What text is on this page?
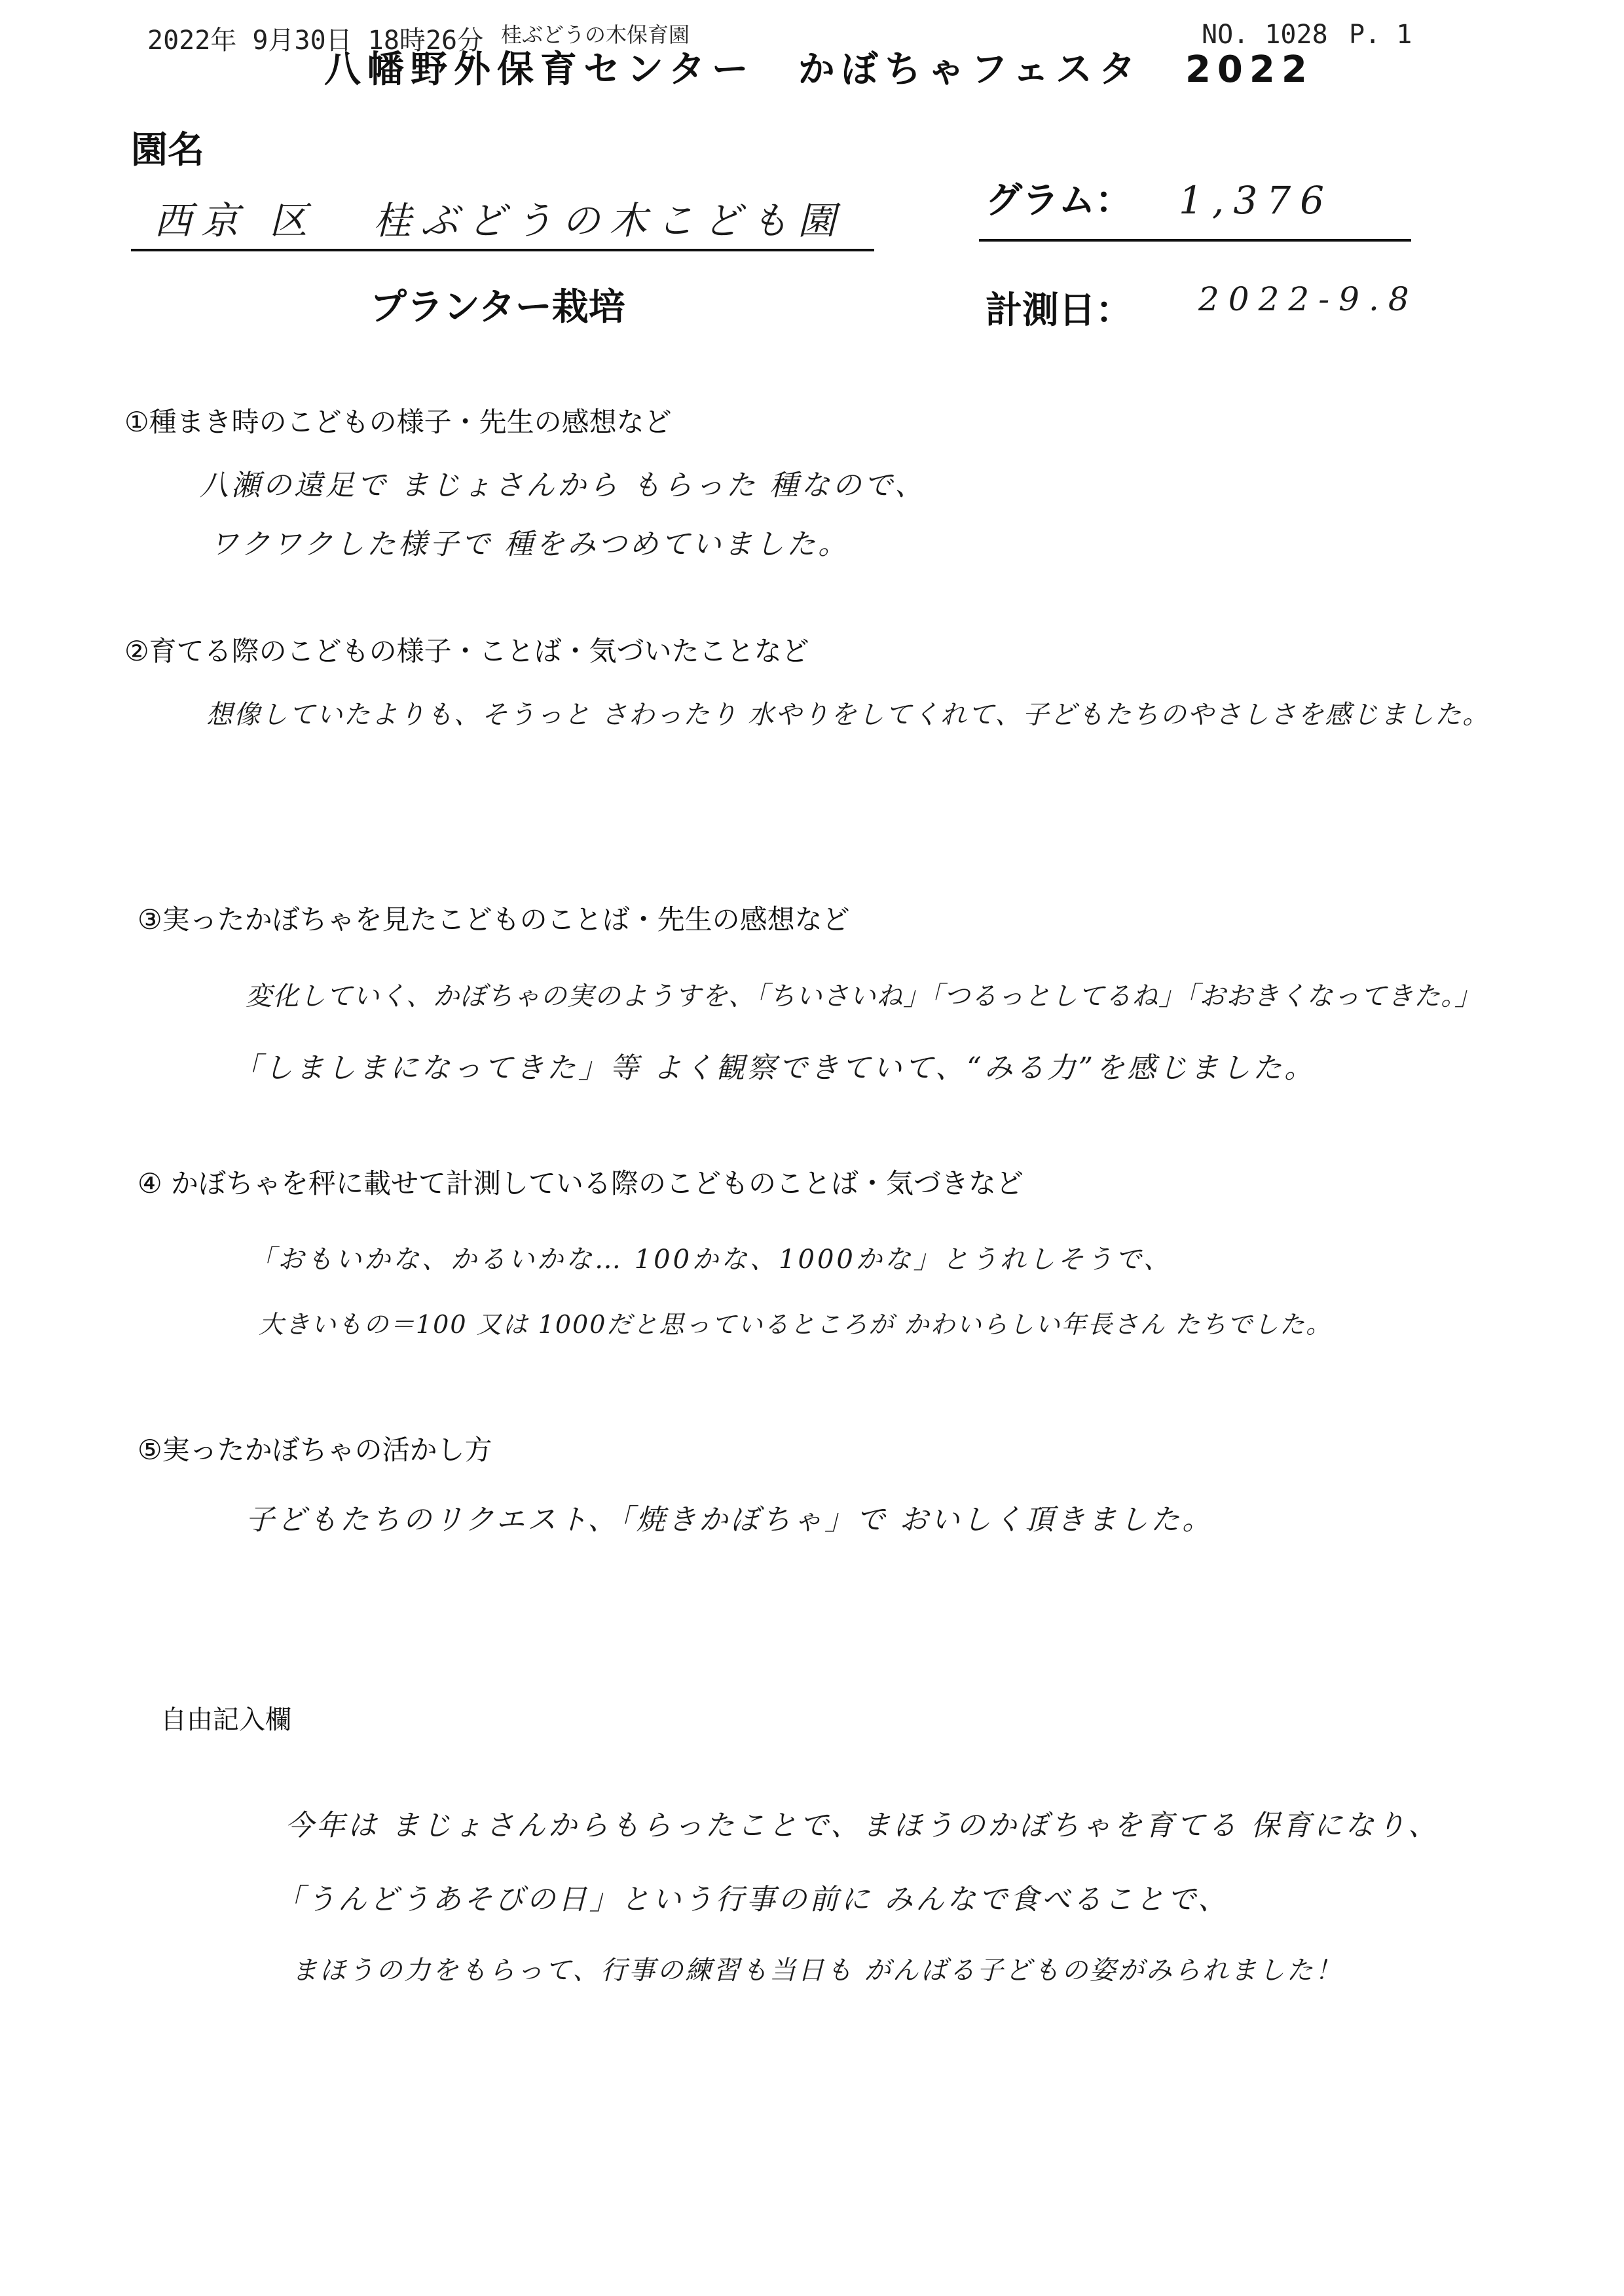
2022年 9月30日 18時26分 桂ぶどうの木保育園	NO. 1028 P. 1
八幡野外保育センター　かぼちゃフェスタ　2022
園名
西京 区 桂ぶどうの木こども園	グラム： 1,376
プランター栽培	計測日： 2022-9.8
①種まき時のこどもの様子・先生の感想など
八瀬の遠足で まじょさんから もらった 種なので、
ワクワクした様子で 種をみつめていました。
②育てる際のこどもの様子・ことば・気づいたことなど
想像していたよりも、そうっと さわったり 水やりをしてくれて、子どもたちのやさしさを感じました。
③実ったかぼちゃを見たこどものことば・先生の感想など
変化していく、かぼちゃの実のようすを、「ちいさいね」「つるっとしてるね」「おおきくなってきた。」
「しましまになってきた」等 よく観察できていて、“みる力”を感じました。
④ かぼちゃを秤に載せて計測している際のこどものことば・気づきなど
「おもいかな、かるいかな… 100かな、1000かな」とうれしそうで、
大きいもの＝100 又は 1000だと思っているところが かわいらしい年長さん たちでした。
⑤実ったかぼちゃの活かし方
子どもたちのリクエスト、「焼きかぼちゃ」で おいしく頂きました。
自由記入欄
今年は まじょさんからもらったことで、まほうのかぼちゃを育てる 保育になり、
「うんどうあそびの日」という行事の前に みんなで食べることで、
まほうの力をもらって、行事の練習も当日も がんばる子どもの姿がみられました！
